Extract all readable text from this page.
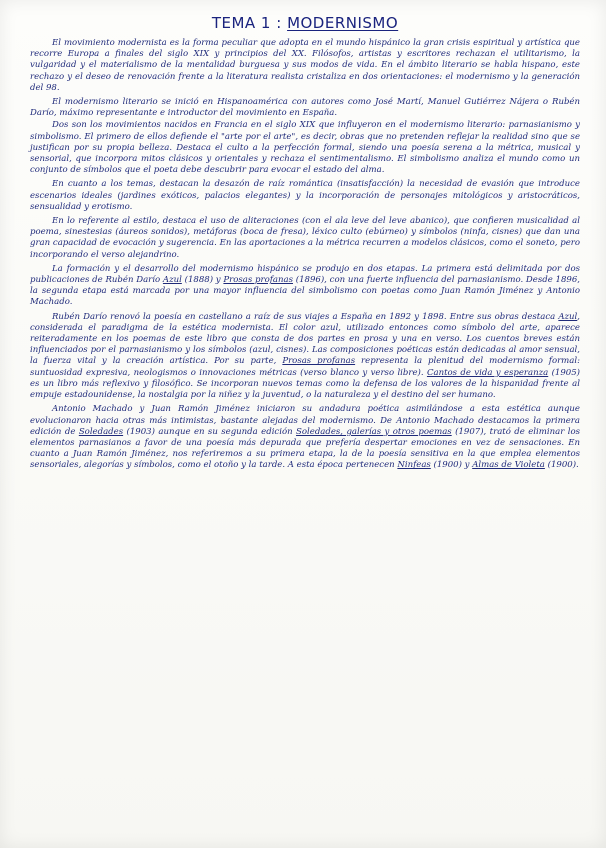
TEMA 1 : MODERNISMO

El movimiento modernista es la forma peculiar que adopta en el mundo hispánico la gran crisis espiritual y artística que recorre Europa a finales del siglo XIX y principios del XX. Filósofos, artistas y escritores rechazan el utilitarismo, la vulgaridad y el materialismo de la mentalidad burguesa y sus modos de vida. En el ámbito literario se habla hispano, este rechazo y el deseo de renovación frente a la literatura realista cristaliza en dos orientaciones: el modernismo y la generación del 98.

El modernismo literario se inició en Hispanoamérica con autores como José Martí, Manuel Gutiérrez Nájera o Rubén Darío, máximo representante e introductor del movimiento en España.

Dos son los movimientos nacidos en Francia en el siglo XIX que influyeron en el modernismo literario: parnasianismo y simbolismo. El primero de ellos defiende el "arte por el arte", es decir, obras que no pretenden reflejar la realidad sino que se justifican por su propia belleza. Destaca el culto a la perfección formal, siendo una poesía serena a la métrica, musical y sensorial, que incorpora mitos clásicos y orientales y rechaza el sentimentalismo. El simbolismo analiza el mundo como un conjunto de símbolos que el poeta debe descubrir para evocar el estado del alma.

En cuanto a los temas, destacan la desazón de raíz romántica (insatisfacción) la necesidad de evasión que introduce escenarios ideales (jardines exóticos, palacios elegantes) y la incorporación de personajes mitológicos y aristocráticos, sensualidad y erotismo.

En lo referente al estilo, destaca el uso de aliteraciones (con el ala leve del leve abanico), que confieren musicalidad al poema, sinestesias (áureos sonidos), metáforas (boca de fresa), léxico culto (ebúrneo) y símbolos (ninfa, cisnes) que dan una gran capacidad de evocación y sugerencia. En las aportaciones a la métrica recurren a modelos clásicos, como el soneto, pero incorporando el verso alejandrino.

La formación y el desarrollo del modernismo hispánico se produjo en dos etapas. La primera está delimitada por dos publicaciones de Rubén Darío Azul (1888) y Prosas profanas (1896), con una fuerte influencia del parnasianismo. Desde 1896, la segunda etapa está marcada por una mayor influencia del simbolismo con poetas como Juan Ramón Jiménez y Antonio Machado.

Rubén Darío renovó la poesía en castellano a raíz de sus viajes a España en 1892 y 1898. Entre sus obras destaca Azul, considerada el paradigma de la estética modernista. El color azul, utilizado entonces como símbolo del arte, aparece reiteradamente en los poemas de este libro que consta de dos partes en prosa y una en verso. Los cuentos breves están influenciados por el parnasianismo y los símbolos (azul, cisnes). Las composiciones poéticas están dedicadas al amor sensual, la fuerza vital y la creación artística. Por su parte, Prosas profanas representa la plenitud del modernismo formal: suntuosidad expresiva, neologismos o innovaciones métricas (verso blanco y verso libre). Cantos de vida y esperanza (1905) es un libro más reflexivo y filosófico. Se incorporan nuevos temas como la defensa de los valores de la hispanidad frente al empuje estadounidense, la nostalgia por la niñez y la juventud, o la naturaleza y el destino del ser humano.

Antonio Machado y Juan Ramón Jiménez iniciaron su andadura poética asimilándose a esta estética aunque evolucionaron hacia otras más intimistas, bastante alejadas del modernismo. De Antonio Machado destacamos la primera edición de Soledades (1903) aunque en su segunda edición Soledades, galerías y otros poemas (1907), trató de eliminar los elementos parnasianos a favor de una poesía más depurada que prefería despertar emociones en vez de sensaciones. En cuanto a Juan Ramón Jiménez, nos referiremos a su primera etapa, la de la poesía sensitiva en la que emplea elementos sensoriales, alegorías y símbolos, como el otoño y la tarde. A esta época pertenecen Ninfeas (1900) y Almas de Violeta (1900).
